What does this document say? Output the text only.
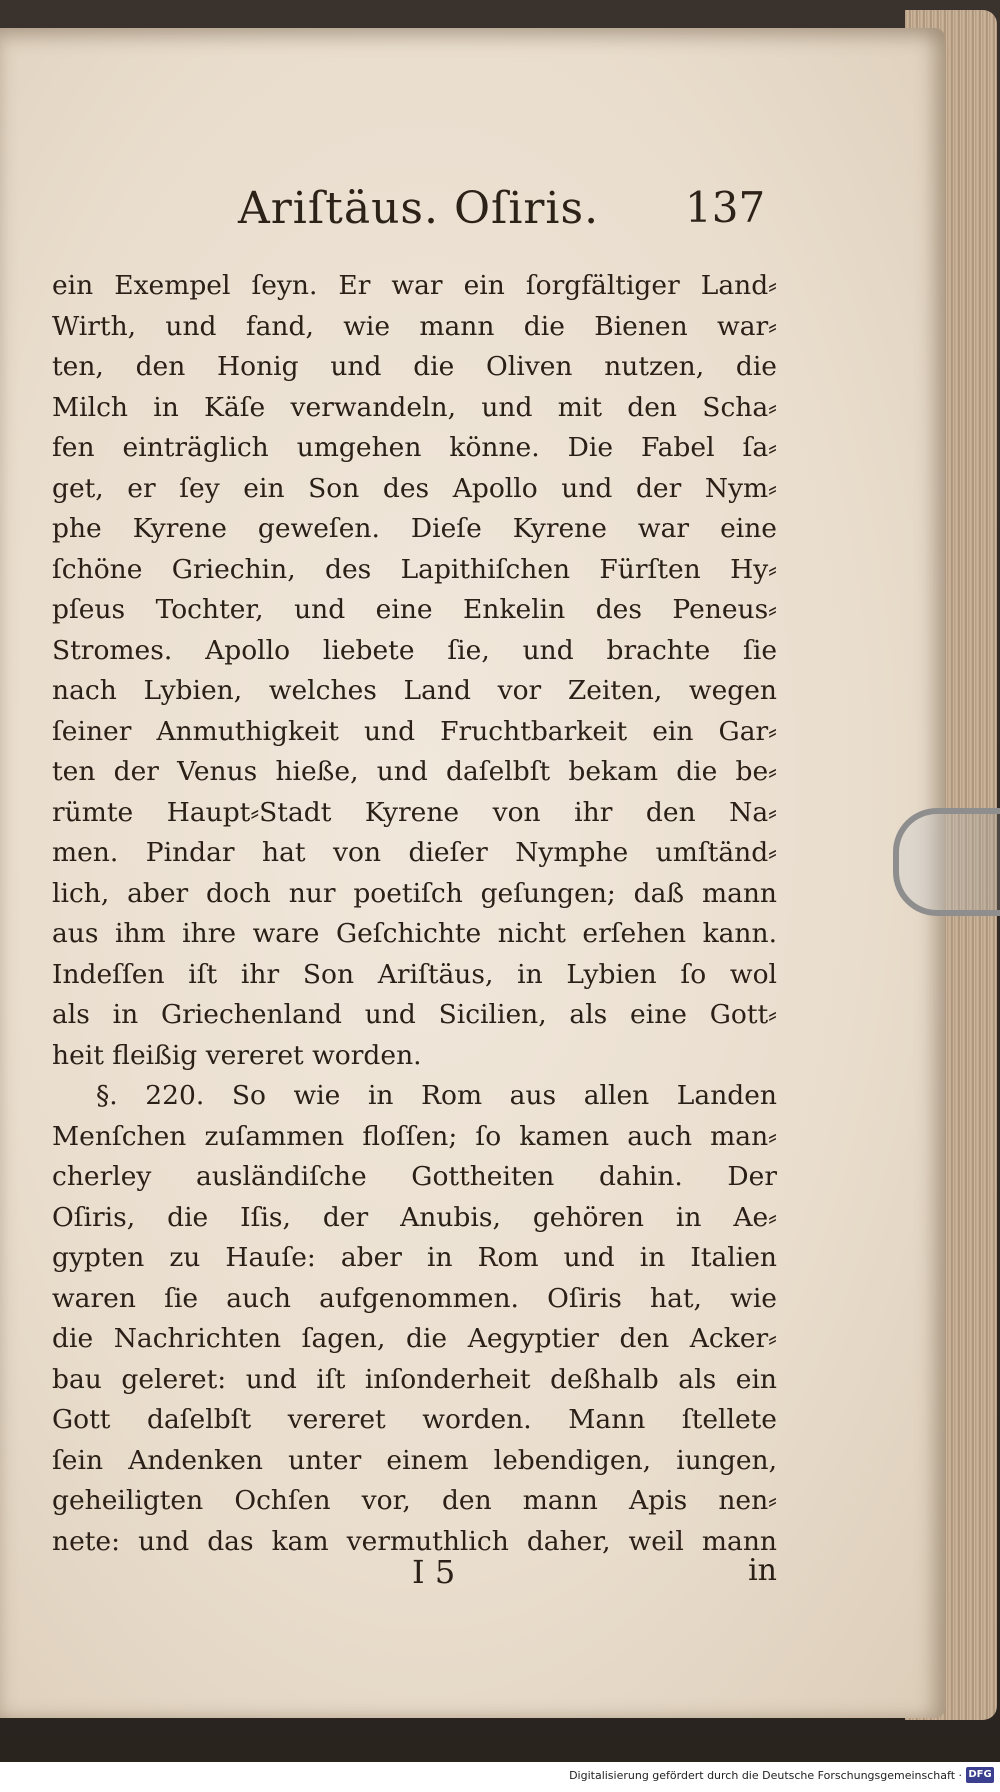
Ariſtäus. Oſiris. 137
ein Exempel ſeyn. Er war ein ſorgfältiger Land⸗
Wirth, und fand, wie mann die Bienen war⸗
ten, den Honig und die Oliven nutzen, die
Milch in Käſe verwandeln, und mit den Scha⸗
fen einträglich umgehen könne. Die Fabel ſa⸗
get, er ſey ein Son des Apollo und der Nym⸗
phe Kyrene geweſen. Dieſe Kyrene war eine
ſchöne Griechin, des Lapithiſchen Fürſten Hy⸗
pſeus Tochter, und eine Enkelin des Peneus⸗
Stromes. Apollo liebete ſie, und brachte ſie
nach Lybien, welches Land vor Zeiten, wegen
ſeiner Anmuthigkeit und Fruchtbarkeit ein Gar⸗
ten der Venus hieße, und daſelbſt bekam die be⸗
rümte Haupt⸗Stadt Kyrene von ihr den Na⸗
men. Pindar hat von dieſer Nymphe umſtänd⸗
lich, aber doch nur poetiſch geſungen; daß mann
aus ihm ihre ware Geſchichte nicht erſehen kann.
Indeſſen iſt ihr Son Ariſtäus, in Lybien ſo wol
als in Griechenland und Sicilien, als eine Gott⸗
heit fleißig vereret worden.
§. 220. So wie in Rom aus allen Landen
Menſchen zuſammen floſſen; ſo kamen auch man⸗
cherley ausländiſche Gottheiten dahin. Der
Oſiris, die Iſis, der Anubis, gehören in Ae⸗
gypten zu Hauſe: aber in Rom und in Italien
waren ſie auch aufgenommen. Oſiris hat, wie
die Nachrichten ſagen, die Aegyptier den Acker⸗
bau geleret: und iſt inſonderheit deßhalb als ein
Gott daſelbſt vereret worden. Mann ſtellete
ſein Andenken unter einem lebendigen, iungen,
geheiligten Ochſen vor, den mann Apis nen⸗
nete: und das kam vermuthlich daher, weil mann
I 5	in
Digitalisierung gefördert durch die Deutsche Forschungsgemeinschaft · DFG
